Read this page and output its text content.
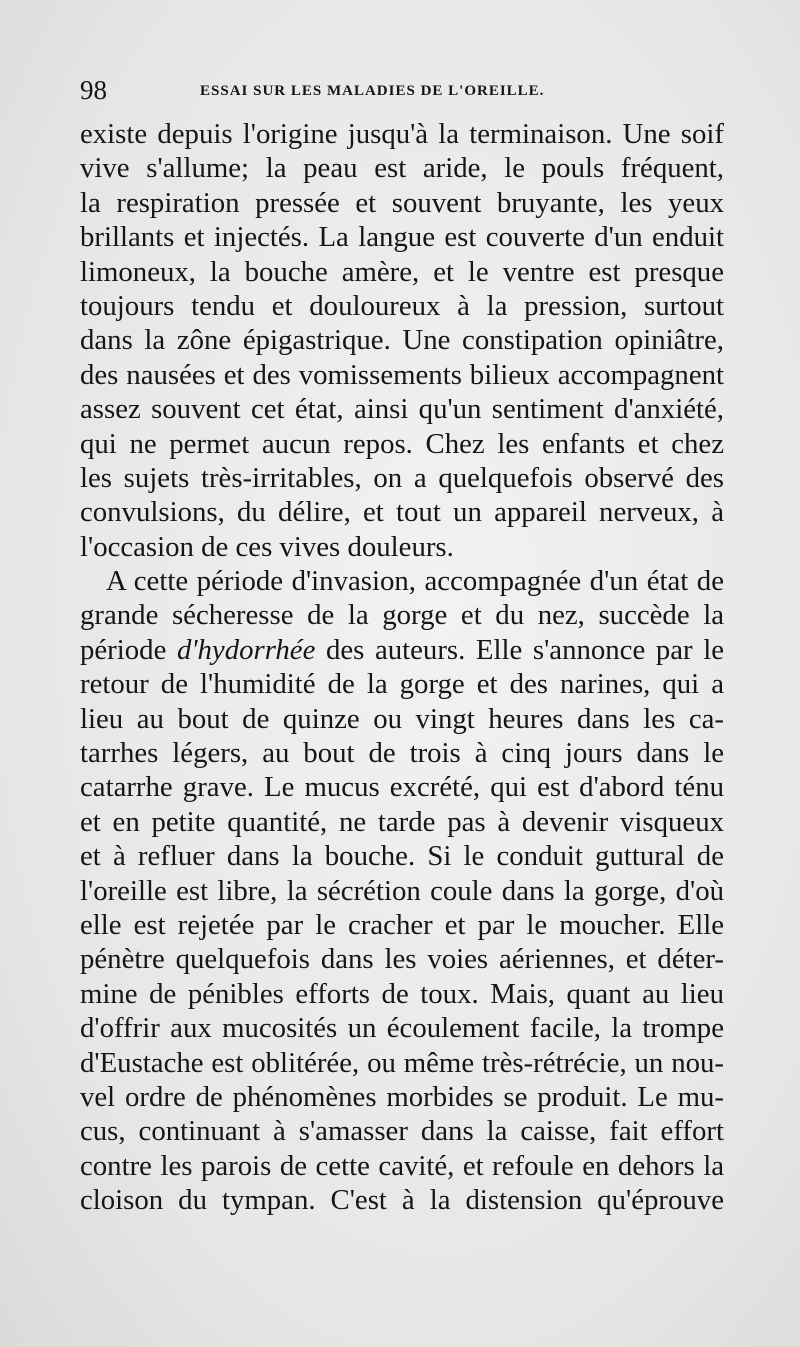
98	ESSAI SUR LES MALADIES DE L'OREILLE.
existe depuis l'origine jusqu'à la terminaison. Une soif
vive s'allume; la peau est aride, le pouls fréquent,
la respiration pressée et souvent bruyante, les yeux
brillants et injectés. La langue est couverte d'un enduit
limoneux, la bouche amère, et le ventre est presque
toujours tendu et douloureux à la pression, surtout
dans la zône épigastrique. Une constipation opiniâtre,
des nausées et des vomissements bilieux accompagnent
assez souvent cet état, ainsi qu'un sentiment d'anxiété,
qui ne permet aucun repos. Chez les enfants et chez
les sujets très-irritables, on a quelquefois observé des
convulsions, du délire, et tout un appareil nerveux, à
l'occasion de ces vives douleurs.
A cette période d'invasion, accompagnée d'un état de
grande sécheresse de la gorge et du nez, succède la
période d'hydorrhée des auteurs. Elle s'annonce par le
retour de l'humidité de la gorge et des narines, qui a
lieu au bout de quinze ou vingt heures dans les ca-
tarrhes légers, au bout de trois à cinq jours dans le
catarrhe grave. Le mucus excrété, qui est d'abord ténu
et en petite quantité, ne tarde pas à devenir visqueux
et à refluer dans la bouche. Si le conduit guttural de
l'oreille est libre, la sécrétion coule dans la gorge, d'où
elle est rejetée par le cracher et par le moucher. Elle
pénètre quelquefois dans les voies aériennes, et déter-
mine de pénibles efforts de toux. Mais, quant au lieu
d'offrir aux mucosités un écoulement facile, la trompe
d'Eustache est oblitérée, ou même très-rétrécie, un nou-
vel ordre de phénomènes morbides se produit. Le mu-
cus, continuant à s'amasser dans la caisse, fait effort
contre les parois de cette cavité, et refoule en dehors la
cloison du tympan. C'est à la distension qu'éprouve
